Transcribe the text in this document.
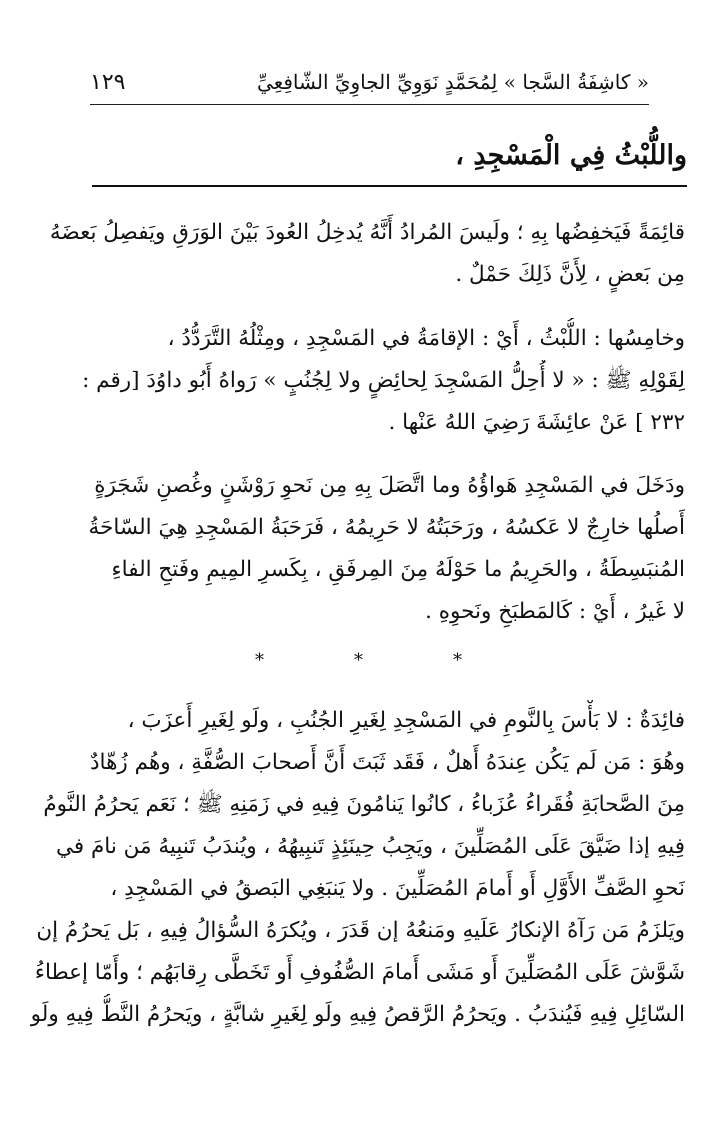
« كاشِفَةُ السَّجا » لِمُحَمَّدٍ نَوَوِيِّ الجاوِيِّ الشّافِعِيِّ
١٢٩
واللُّبْثُ فِي الْمَسْجِدِ ،
قائِمَةً فَيَخفِضُها بِهِ ؛ ولَيسَ المُرادُ أَنَّهُ يُدخِلُ العُودَ بَيْنَ الوَرَقِ ويَفصِلُ بَعضَهُ
مِن بَعضٍ ، لِأَنَّ ذَلِكَ حَمْلٌ .
وخامِسُها : اللُّبْثُ ، أَيْ : الإقامَةُ في المَسْجِدِ ، ومِثْلُهُ التَّرَدُّدُ ،
لِقَوْلِهِ ﷺ : « لا أُحِلُّ المَسْجِدَ لِحائِضٍ ولا لِجُنُبٍ » رَواهُ أَبُو داوُدَ [رقم :
٢٣٢ ] عَنْ عائِشَةَ رَضِيَ اللهُ عَنْها .
ودَخَلَ في المَسْجِدِ هَواؤُهُ وما اتَّصَلَ بِهِ مِن نَحوِ رَوْشَنٍ وغُصنِ شَجَرَةٍ
أَصلُها خارِجٌ لا عَكسُهُ ، ورَحَبَتُهُ لا حَرِيمُهُ ، فَرَحَبَةُ المَسْجِدِ هِيَ السّاحَةُ
المُنبَسِطَةُ ، والحَرِيمُ ما حَوْلَهُ مِنَ المِرفَقِ ، بِكَسرِ المِيمِ وفَتحِ الفاءِ
لا غَيرُ ، أَيْ : كَالمَطبَخِ ونَحوِهِ .
*	*	*
فائِدَةٌ : لا بَأْسَ بِالنَّومِ في المَسْجِدِ لِغَيرِ الجُنُبِ ، ولَو لِغَيرِ أَعزَبَ ،
وهُوَ : مَن لَم يَكُن عِندَهُ أَهلٌ ، فَقَد ثَبَتَ أَنَّ أَصحابَ الصُّفَّةِ ، وهُم زُهّادٌ
مِنَ الصَّحابَةِ فُقَراءُ عُزَباءُ ، كانُوا يَنامُونَ فِيهِ في زَمَنِهِ ﷺ ؛ نَعَم يَحرُمُ النَّومُ
فِيهِ إذا ضَيَّقَ عَلَى المُصَلِّينَ ، ويَجِبُ حِينَئِذٍ تَنبِيهُهُ ، ويُندَبُ تَنبِيهُ مَن نامَ في
نَحوِ الصَّفِّ الأَوَّلِ أَو أَمامَ المُصَلِّينَ . ولا يَنبَغِي البَصقُ في المَسْجِدِ ،
ويَلزَمُ مَن رَآهُ الإنكارُ عَلَيهِ ومَنعُهُ إن قَدَرَ ، ويُكرَهُ السُّؤالُ فِيهِ ، بَل يَحرُمُ إن
شَوَّشَ عَلَى المُصَلِّينَ أَو مَشَى أَمامَ الصُّفُوفِ أَو تَخَطَّى رِقابَهُم ؛ وأَمّا إعطاءُ
السّائِلِ فِيهِ فَيُندَبُ . ويَحرُمُ الرَّقصُ فِيهِ ولَو لِغَيرِ شابَّةٍ ، ويَحرُمُ النَّطُّ فِيهِ ولَو
